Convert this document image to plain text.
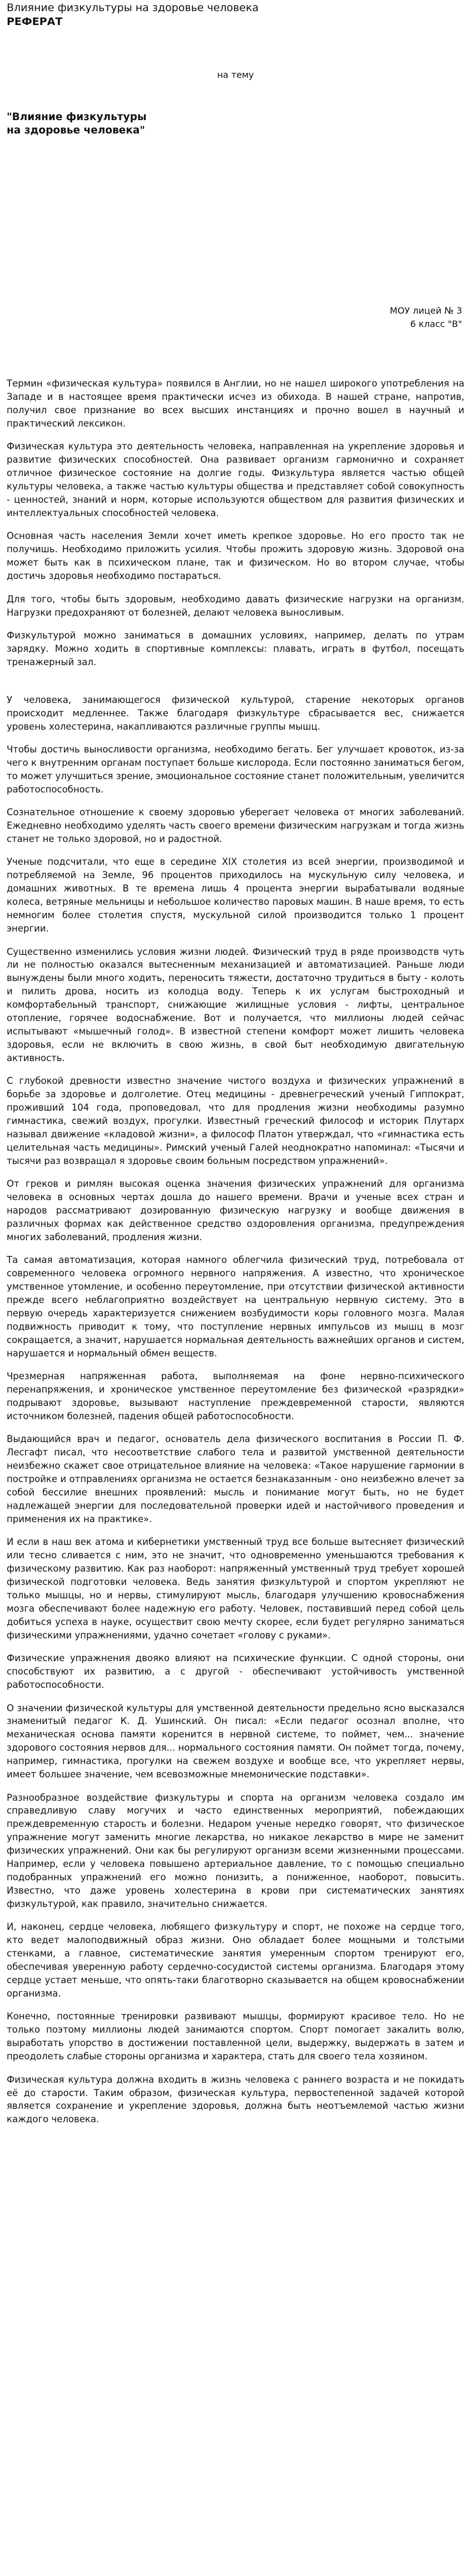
Влияние физкультуры на здоровье человека
РЕФЕРАТ
на тему
"Влияние физкультуры
на здоровье человека"
МОУ лицей № 3
6 класс "В"

Термин «физическая культура» появился в Англии, но не нашел широкого употребления на Западе и в настоящее время практически исчез из обихода. В нашей стране, напротив, получил свое признание во всех высших инстанциях и прочно вошел в научный и практический лексикон.

Физическая культура это деятельность человека, направленная на укрепление здоровья и развитие физических способностей. Она развивает организм гармонично и сохраняет отличное физическое состояние на долгие годы. Физкультура является частью общей культуры человека, а также частью культуры общества и представляет собой совокупность - ценностей, знаний и норм, которые используются обществом для развития физических и интеллектуальных способностей человека.

Основная часть населения Земли хочет иметь крепкое здоровье. Но его просто так не получишь. Необходимо приложить усилия. Чтобы прожить здоровую жизнь. Здоровой она может быть как в психическом плане, так и физическом. Но во втором случае, чтобы достичь здоровья необходимо постараться.

Для того, чтобы быть здоровым, необходимо давать физические нагрузки на организм. Нагрузки предохраняют от болезней, делают человека выносливым.

Физкультурой можно заниматься в домашних условиях, например, делать по утрам зарядку. Можно ходить в спортивные комплексы: плавать, играть в футбол, посещать тренажерный зал.

У человека, занимающегося физической культурой, старение некоторых органов происходит медленнее. Также благодаря физкультуре сбрасывается вес, снижается уровень холестерина, накапливаются различные группы мышц.

Чтобы достичь выносливости организма, необходимо бегать. Бег улучшает кровоток, из-за чего к внутренним органам поступает больше кислорода. Если постоянно заниматься бегом, то может улучшиться зрение, эмоциональное состояние станет положительным, увеличится работоспособность.

Сознательное отношение к своему здоровью уберегает человека от многих заболеваний. Ежедневно необходимо уделять часть своего времени физическим нагрузкам и тогда жизнь станет не только здоровой, но и радостной.

Ученые подсчитали, что еще в середине XIX столетия из всей энергии, производимой и потребляемой на Земле, 96 процентов приходилось на мускульную силу человека, и домашних животных. В те времена лишь 4 процента энергии вырабатывали водяные колеса, ветряные мельницы и небольшое количество паровых машин. В наше время, то есть немногим более столетия спустя, мускульной силой производится только 1 процент энергии.

Существенно изменились условия жизни людей. Физический труд в ряде производств чуть ли не полностью оказался вытесненным механизацией и автоматизацией. Раньше люди вынуждены были много ходить, переносить тяжести, достаточно трудиться в быту - колоть и пилить дрова, носить из колодца воду. Теперь к их услугам быстроходный и комфортабельный транспорт, снижающие жилищные условия - лифты, центральное отопление, горячее водоснабжение. Вот и получается, что миллионы людей сейчас испытывают «мышечный голод». В известной степени комфорт может лишить человека здоровья, если не включить в свою жизнь, в свой быт необходимую двигательную активность.

С глубокой древности известно значение чистого воздуха и физических упражнений в борьбе за здоровье и долголетие. Отец медицины - древнегреческий ученый Гиппократ, проживший 104 года, проповедовал, что для продления жизни необходимы разумно гимнастика, свежий воздух, прогулки. Известный греческий философ и историк Плутарх называл движение «кладовой жизни», а философ Платон утверждал, что «гимнастика есть целительная часть медицины». Римский ученый Галей неоднократно напоминал: «Тысячи и тысячи раз возвращал я здоровье своим больным посредством упражнений».

От греков и римлян высокая оценка значения физических упражнений для организма человека в основных чертах дошла до нашего времени. Врачи и ученые всех стран и народов рассматривают дозированную физическую нагрузку и вообще движения в различных формах как действенное средство оздоровления организма, предупреждения многих заболеваний, продления жизни.

Та самая автоматизация, которая намного облегчила физический труд, потребовала от современного человека огромного нервного напряжения. А известно, что хроническое умственное утомление, и особенно переутомление, при отсутствии физической активности прежде всего неблагоприятно воздействует на центральную нервную систему. Это в первую очередь характеризуется снижением возбудимости коры головного мозга. Малая подвижность приводит к тому, что поступление нервных импульсов из мышц в мозг сокращается, а значит, нарушается нормальная деятельность важнейших органов и систем, нарушается и нормальный обмен веществ.

Чрезмерная напряженная работа, выполняемая на фоне нервно-психического перенапряжения, и хроническое умственное переутомление без физической «разрядки» подрывают здоровье, вызывают наступление преждевременной старости, являются источником болезней, падения общей работоспособности.

Выдающийся врач и педагог, основатель дела физического воспитания в России П. Ф. Лесгафт писал, что несоответствие слабого тела и развитой умственной деятельности неизбежно скажет свое отрицательное влияние на человека: «Такое нарушение гармонии в постройке и отправлениях организма не остается безнаказанным - оно неизбежно влечет за собой бессилие внешних проявлений: мысль и понимание могут быть, но не будет надлежащей энергии для последовательной проверки идей и настойчивого проведения и применения их на практике».

И если в наш век атома и кибернетики умственный труд все больше вытесняет физический или тесно сливается с ним, это не значит, что одновременно уменьшаются требования к физическому развитию. Как раз наоборот: напряженный умственный труд требует хорошей физической подготовки человека. Ведь занятия физкультурой и спортом укрепляют не только мышцы, но и нервы, стимулируют мысль, благодаря улучшению кровоснабжения мозга обеспечивают более надежную его работу. Человек, поставивший перед собой цель добиться успеха в науке, осуществит свою мечту скорее, если будет регулярно заниматься физическими упражнениями, удачно сочетает «голову с руками».

Физические упражнения двояко влияют на психические функции. С одной стороны, они способствуют их развитию, а с другой - обеспечивают устойчивость умственной работоспособности.

О значении физической культуры для умственной деятельности предельно ясно высказался знаменитый педагог К. Д. Ушинский. Он писал: «Если педагог осознал вполне, что механическая основа памяти коренится в нервной системе, то поймет, чем... значение здорового состояния нервов для... нормального состояния памяти. Он поймет тогда, почему, например, гимнастика, прогулки на свежем воздухе и вообще все, что укрепляет нервы, имеет большее значение, чем всевозможные мнемонические подставки».

Разнообразное воздействие физкультуры и спорта на организм человека создало им справедливую славу могучих и часто единственных мероприятий, побеждающих преждевременную старость и болезни. Недаром ученые нередко говорят, что физическое упражнение могут заменить многие лекарства, но никакое лекарство в мире не заменит физических упражнений. Они как бы регулируют организм всеми жизненными процессами. Например, если у человека повышено артериальное давление, то с помощью специально подобранных упражнений его можно понизить, а пониженное, наоборот, повысить. Известно, что даже уровень холестерина в крови при систематических занятиях физкультурой, как правило, значительно снижается.

И, наконец, сердце человека, любящего физкультуру и спорт, не похоже на сердце того, кто ведет малоподвижный образ жизни. Оно обладает более мощными и толстыми стенками, а главное, систематические занятия умеренным спортом тренируют его, обеспечивая уверенную работу сердечно-сосудистой системы организма. Благодаря этому сердце устает меньше, что опять-таки благотворно сказывается на общем кровоснабжении организма.

Конечно, постоянные тренировки развивают мышцы, формируют красивое тело. Но не только поэтому миллионы людей занимаются спортом. Спорт помогает закалить волю, выработать упорство в достижении поставленной цели, выдержку, выдержать в затем и преодолеть слабые стороны организма и характера, стать для своего тела хозяином.

Физическая культура должна входить в жизнь человека с раннего возраста и не покидать её до старости. Таким образом, физическая культура, первостепенной задачей которой является сохранение и укрепление здоровья, должна быть неотъемлемой частью жизни каждого человека.
